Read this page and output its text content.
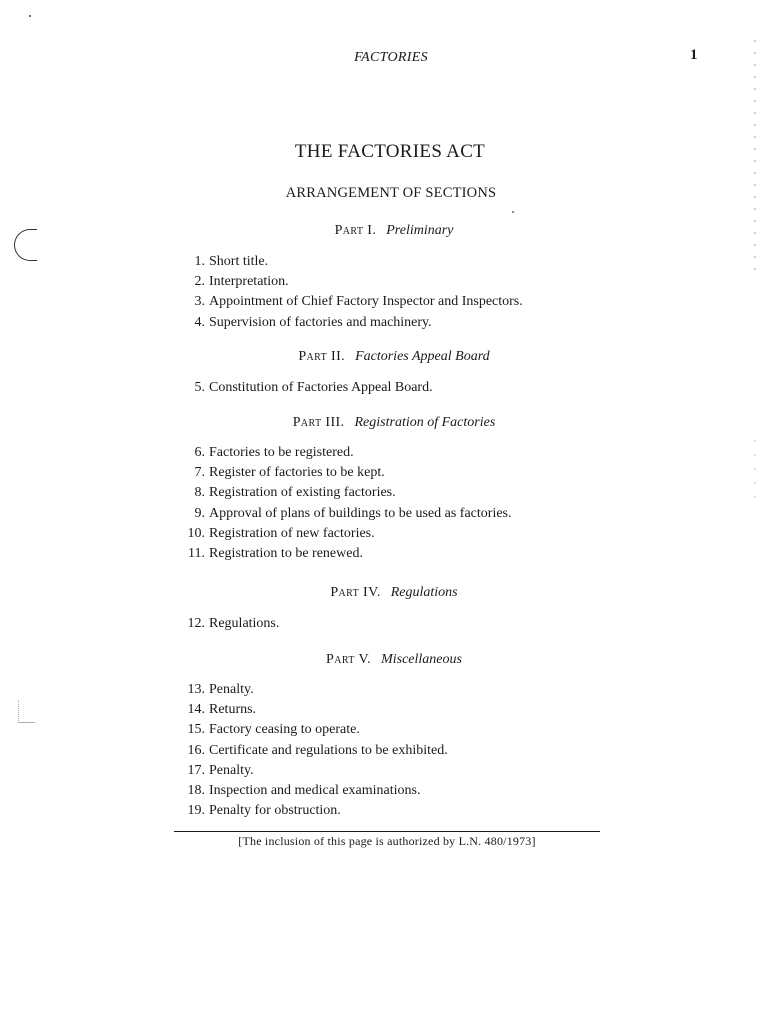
FACTORIES	1
THE FACTORIES ACT
ARRANGEMENT OF SECTIONS
Part I. Preliminary
1. Short title.
2. Interpretation.
3. Appointment of Chief Factory Inspector and Inspectors.
4. Supervision of factories and machinery.
Part II. Factories Appeal Board
5. Constitution of Factories Appeal Board.
Part III. Registration of Factories
6. Factories to be registered.
7. Register of factories to be kept.
8. Registration of existing factories.
9. Approval of plans of buildings to be used as factories.
10. Registration of new factories.
11. Registration to be renewed.
Part IV. Regulations
12. Regulations.
Part V. Miscellaneous
13. Penalty.
14. Returns.
15. Factory ceasing to operate.
16. Certificate and regulations to be exhibited.
17. Penalty.
18. Inspection and medical examinations.
19. Penalty for obstruction.
[The inclusion of this page is authorized by L.N. 480/1973]
